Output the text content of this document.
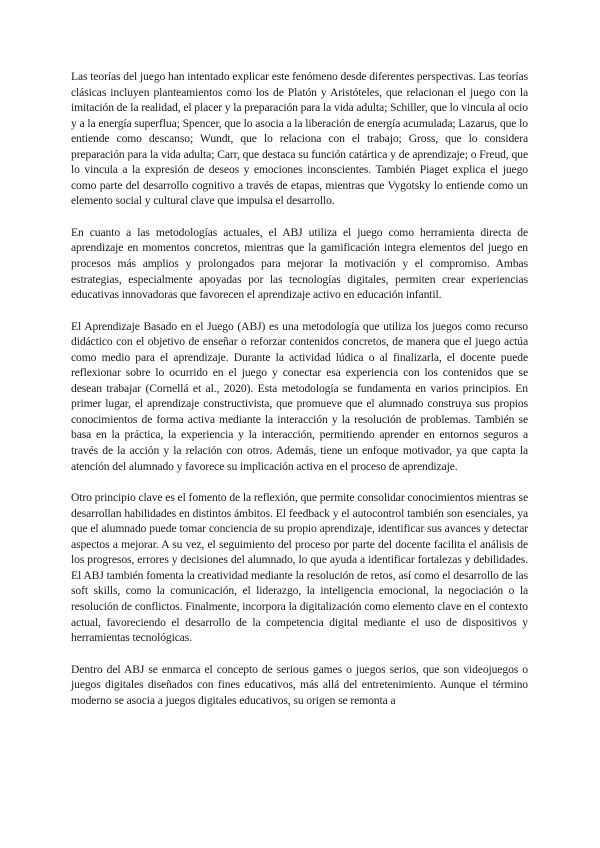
Las teorías del juego han intentado explicar este fenómeno desde diferentes perspectivas. Las teorías clásicas incluyen planteamientos como los de Platón y Aristóteles, que relacionan el juego con la imitación de la realidad, el placer y la preparación para la vida adulta; Schiller, que lo vincula al ocio y a la energía superflua; Spencer, que lo asocia a la liberación de energía acumulada; Lazarus, que lo entiende como descanso; Wundt, que lo relaciona con el trabajo; Gross, que lo considera preparación para la vida adulta; Carr, que destaca su función catártica y de aprendizaje; o Freud, que lo vincula a la expresión de deseos y emociones inconscientes. También Piaget explica el juego como parte del desarrollo cognitivo a través de etapas, mientras que Vygotsky lo entiende como un elemento social y cultural clave que impulsa el desarrollo.

En cuanto a las metodologías actuales, el ABJ utiliza el juego como herramienta directa de aprendizaje en momentos concretos, mientras que la gamificación integra elementos del juego en procesos más amplios y prolongados para mejorar la motivación y el compromiso. Ambas estrategias, especialmente apoyadas por las tecnologías digitales, permiten crear experiencias educativas innovadoras que favorecen el aprendizaje activo en educación infantil.

El Aprendizaje Basado en el Juego (ABJ) es una metodología que utiliza los juegos como recurso didáctico con el objetivo de enseñar o reforzar contenidos concretos, de manera que el juego actúa como medio para el aprendizaje. Durante la actividad lúdica o al finalizarla, el docente puede reflexionar sobre lo ocurrido en el juego y conectar esa experiencia con los contenidos que se desean trabajar (Cornellá et al., 2020). Esta metodología se fundamenta en varios principios. En primer lugar, el aprendizaje constructivista, que promueve que el alumnado construya sus propios conocimientos de forma activa mediante la interacción y la resolución de problemas. También se basa en la práctica, la experiencia y la interacción, permitiendo aprender en entornos seguros a través de la acción y la relación con otros. Además, tiene un enfoque motivador, ya que capta la atención del alumnado y favorece su implicación activa en el proceso de aprendizaje.

Otro principio clave es el fomento de la reflexión, que permite consolidar conocimientos mientras se desarrollan habilidades en distintos ámbitos. El feedback y el autocontrol también son esenciales, ya que el alumnado puede tomar conciencia de su propio aprendizaje, identificar sus avances y detectar aspectos a mejorar. A su vez, el seguimiento del proceso por parte del docente facilita el análisis de los progresos, errores y decisiones del alumnado, lo que ayuda a identificar fortalezas y debilidades. El ABJ también fomenta la creatividad mediante la resolución de retos, así como el desarrollo de las soft skills, como la comunicación, el liderazgo, la inteligencia emocional, la negociación o la resolución de conflictos. Finalmente, incorpora la digitalización como elemento clave en el contexto actual, favoreciendo el desarrollo de la competencia digital mediante el uso de dispositivos y herramientas tecnológicas.

Dentro del ABJ se enmarca el concepto de serious games o juegos serios, que son videojuegos o juegos digitales diseñados con fines educativos, más allá del entretenimiento. Aunque el término moderno se asocia a juegos digitales educativos, su origen se remonta a
